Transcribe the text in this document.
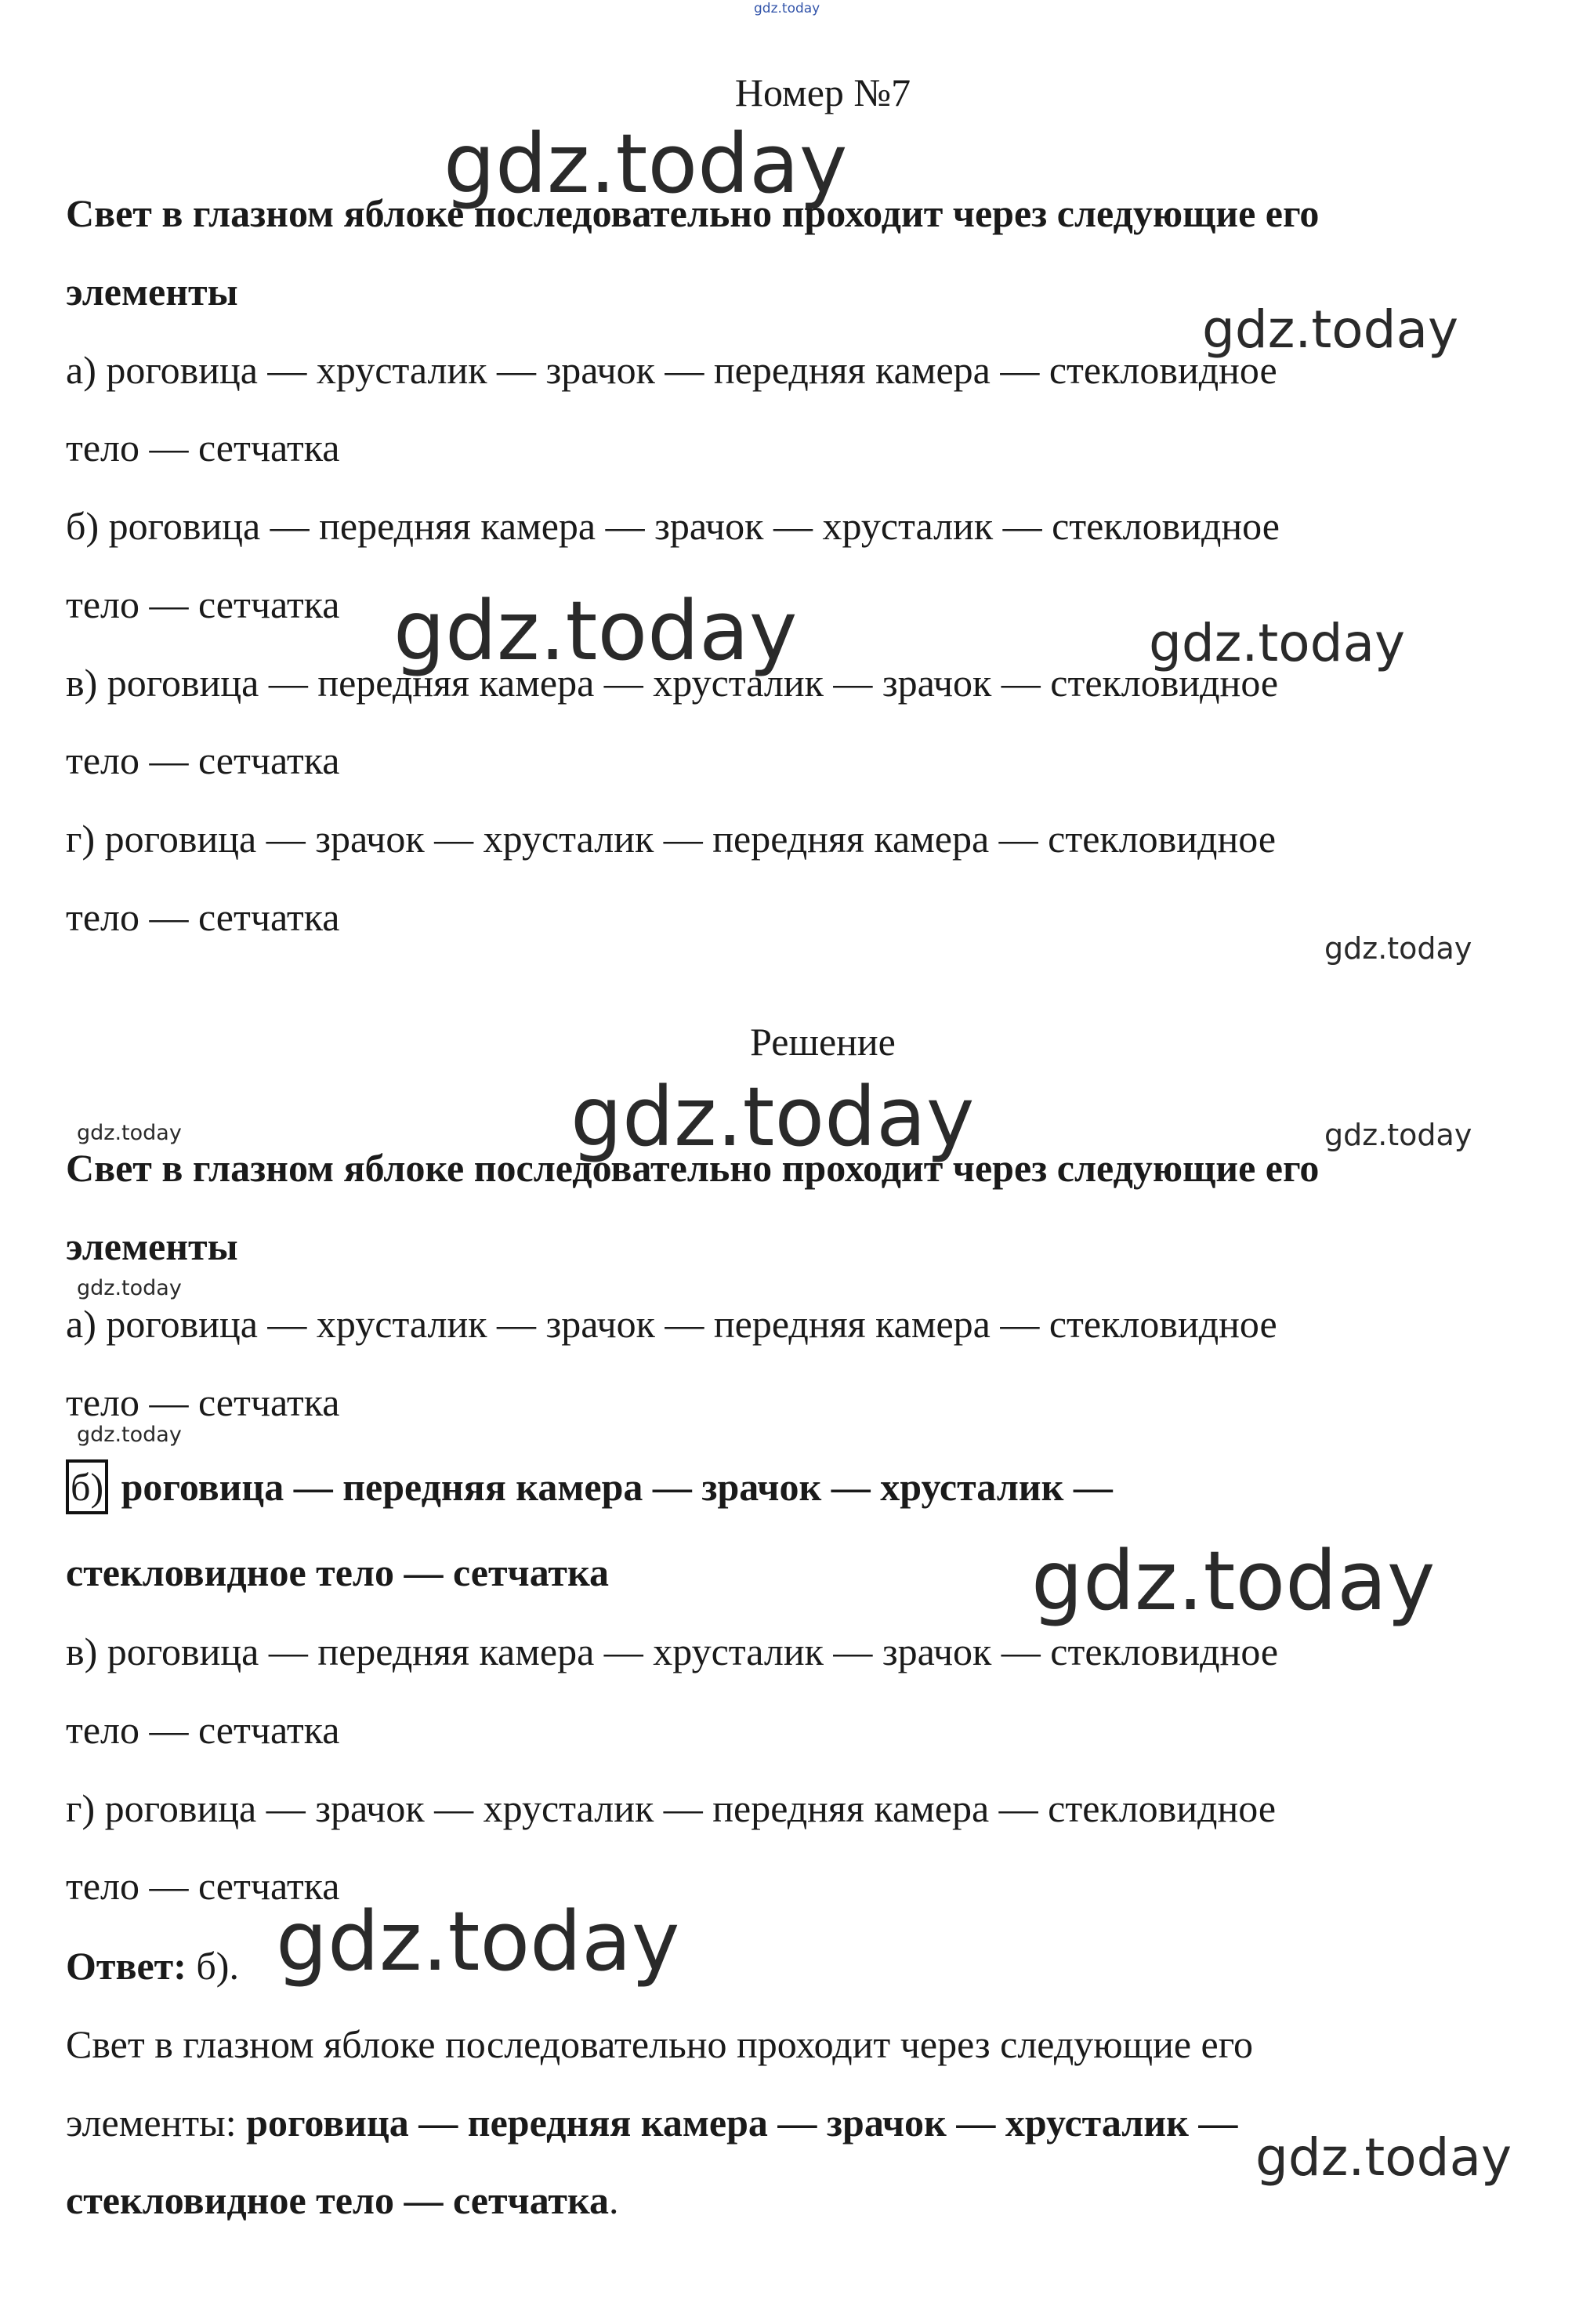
gdz.today
Номер №7
Свет в глазном яблоке последовательно проходит через следующие его
элементы
а) роговица — хрусталик — зрачок — передняя камера — стекловидное
тело — сетчатка
б) роговица — передняя камера — зрачок — хрусталик — стекловидное
тело — сетчатка
в) роговица — передняя камера — хрусталик — зрачок — стекловидное
тело — сетчатка
г) роговица — зрачок — хрусталик — передняя камера — стекловидное
тело — сетчатка
Решение
Свет в глазном яблоке последовательно проходит через следующие его
элементы
а) роговица — хрусталик — зрачок — передняя камера — стекловидное
тело — сетчатка
б) роговица — передняя камера — зрачок — хрусталик —
стекловидное тело — сетчатка
в) роговица — передняя камера — хрусталик — зрачок — стекловидное
тело — сетчатка
г) роговица — зрачок — хрусталик — передняя камера — стекловидное
тело — сетчатка
Ответ: б).
Свет в глазном яблоке последовательно проходит через следующие его
элементы: роговица — передняя камера — зрачок — хрусталик —
стекловидное тело — сетчатка.
gdz.today
gdz.today
gdz.today	gdz.today
gdz.today
gdz.today
gdz.today	gdz.today
gdz.today
gdz.today
gdz.today
gdz.today
gdz.today
